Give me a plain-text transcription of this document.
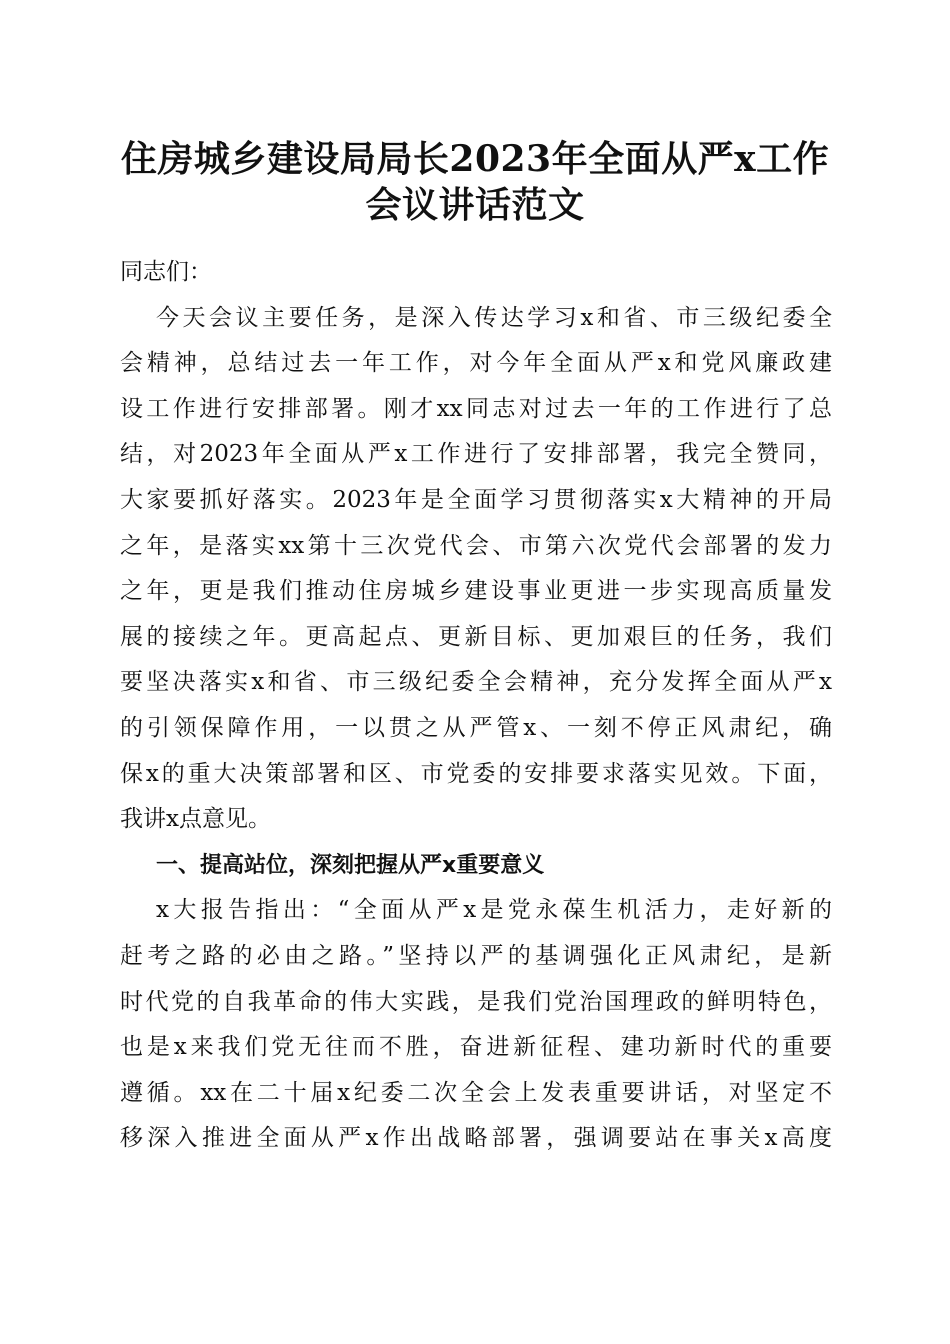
住房城乡建设局局长2023年全面从严x工作
会议讲话范文
同志们：
今天会议主要任务，是深入传达学习x和省、市三级纪委全
会精神，总结过去一年工作，对今年全面从严x和党风廉政建
设工作进行安排部署。刚才xx同志对过去一年的工作进行了总
结，对2023年全面从严x工作进行了安排部署，我完全赞同，
大家要抓好落实。2023年是全面学习贯彻落实x大精神的开局
之年，是落实xx第十三次党代会、市第六次党代会部署的发力
之年，更是我们推动住房城乡建设事业更进一步实现高质量发
展的接续之年。更高起点、更新目标、更加艰巨的任务，我们
要坚决落实x和省、市三级纪委全会精神，充分发挥全面从严x
的引领保障作用，一以贯之从严管x、一刻不停正风肃纪，确
保x的重大决策部署和区、市党委的安排要求落实见效。下面，
我讲x点意见。
一、提高站位，深刻把握从严x重要意义
x大报告指出：“全面从严x是党永葆生机活力，走好新的
赶考之路的必由之路。”坚持以严的基调强化正风肃纪，是新
时代党的自我革命的伟大实践，是我们党治国理政的鲜明特色，
也是x来我们党无往而不胜，奋进新征程、建功新时代的重要
遵循。xx在二十届x纪委二次全会上发表重要讲话，对坚定不
移深入推进全面从严x作出战略部署，强调要站在事关x高度
